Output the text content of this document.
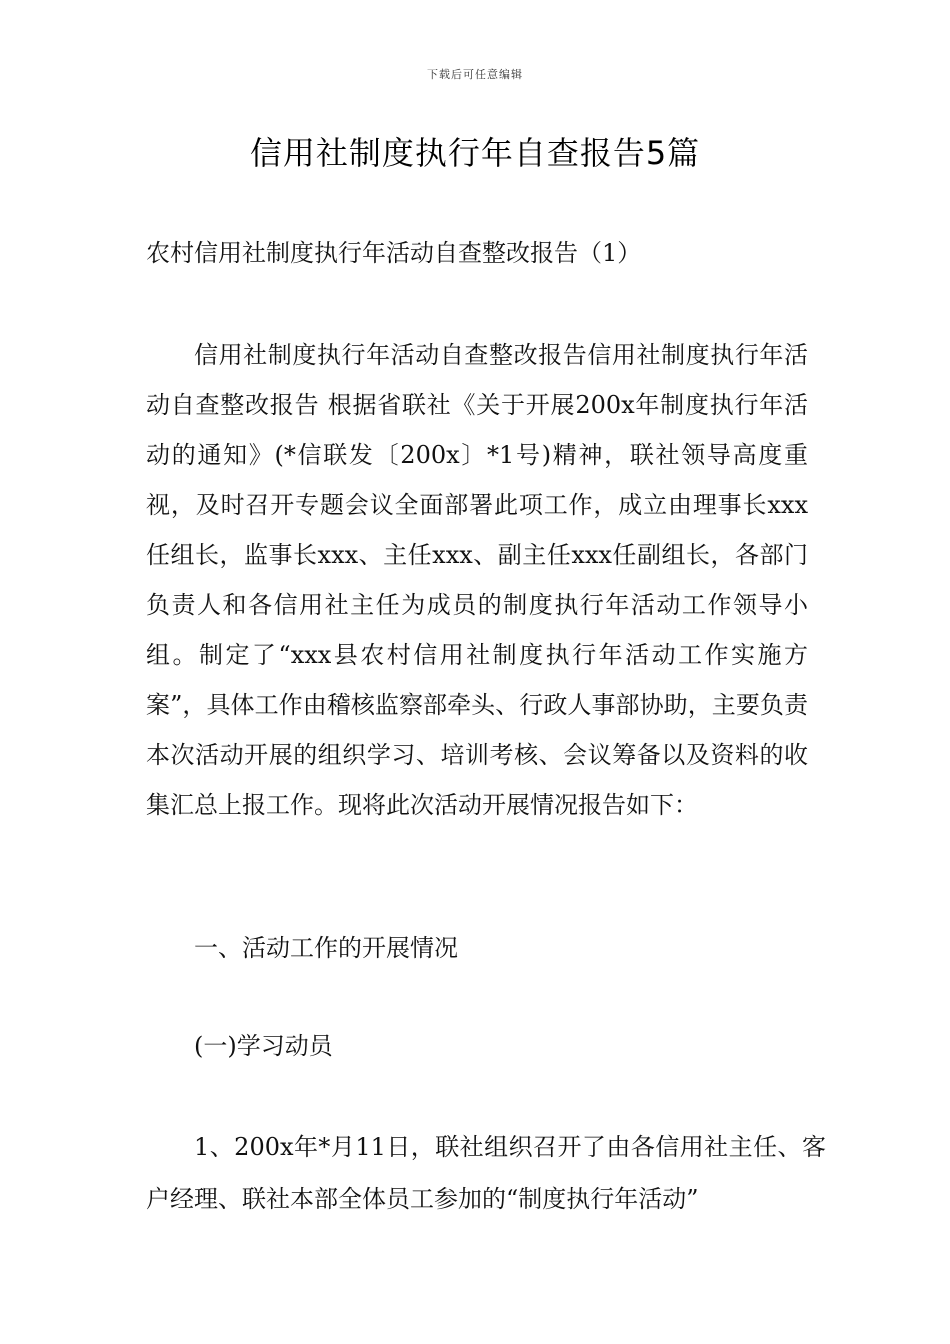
下载后可任意编辑
信用社制度执行年自查报告5篇

农村信用社制度执行年活动自查整改报告（1）

信用社制度执行年活动自查整改报告信用社制度执行年活动自查整改报告 根据省联社《关于开展200x年制度执行年活动的通知》(*信联发〔200x〕*1号)精神，联社领导高度重视，及时召开专题会议全面部署此项工作，成立由理事长xxx任组长，监事长xxx、主任xxx、副主任xxx任副组长，各部门负责人和各信用社主任为成员的制度执行年活动工作领导小组。制定了“xxx县农村信用社制度执行年活动工作实施方案”，具体工作由稽核监察部牵头、行政人事部协助，主要负责本次活动开展的组织学习、培训考核、会议筹备以及资料的收集汇总上报工作。现将此次活动开展情况报告如下：

一、活动工作的开展情况

(一)学习动员

1、200x年*月11日，联社组织召开了由各信用社主任、客户经理、联社本部全体员工参加的“制度执行年活动”
